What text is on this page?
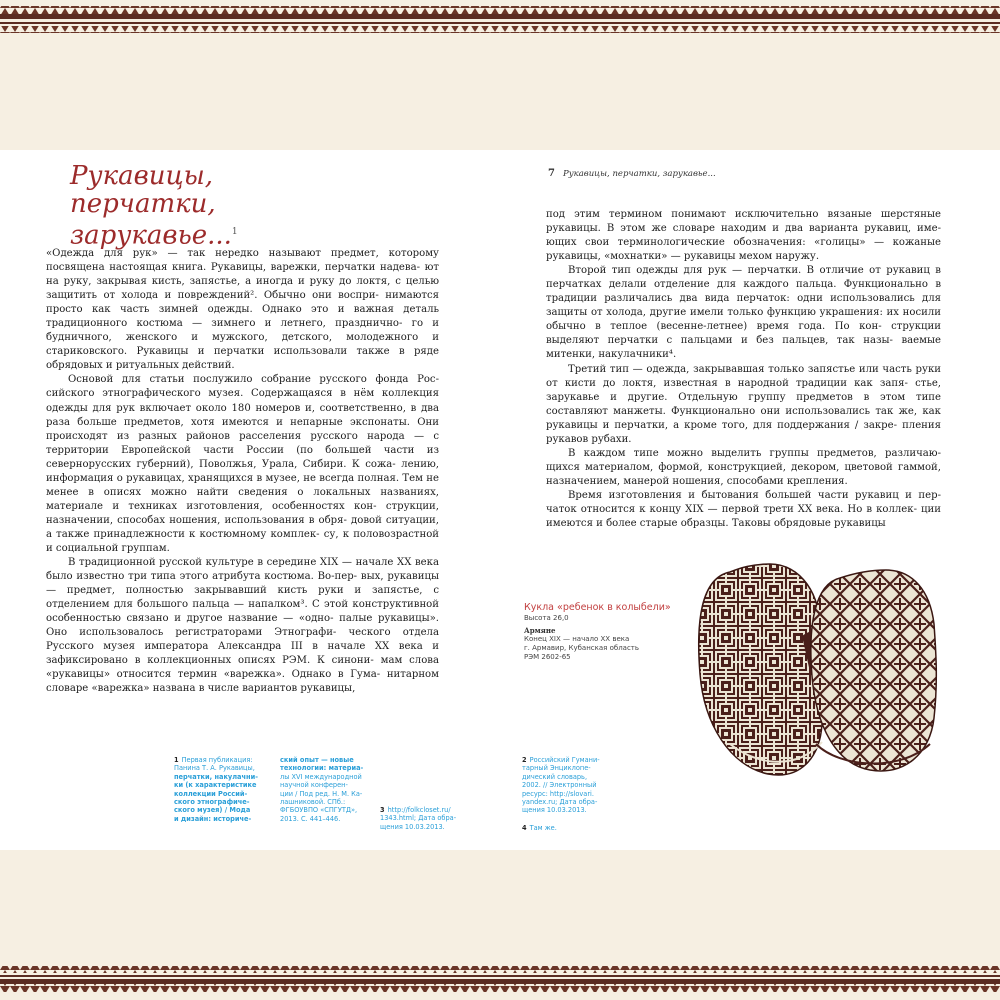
Рукавицы,
перчатки,
зарукавье...$^1$
7 Рукавицы, перчатки, зарукавье...

«Одежда для рук» — так нередко называют предмет, которому посвящена настоящая книга. Рукавицы, варежки, перчатки надева- ют на руку, закрывая кисть, запястье, а иногда и руку до локтя, с целью защитить от холода и повреждений². Обычно они воспри- нимаются просто как часть зимней одежды. Однако это и важная деталь традиционного костюма — зимнего и летнего, празднично- го и будничного, женского и мужского, детского, молодежного и стариковского. Рукавицы и перчатки использовали также в ряде обрядовых и ритуальных действий.

Основой для статьи послужило собрание русского фонда Рос- сийского этнографического музея. Содержащаяся в нём коллекция одежды для рук включает около 180 номеров и, соответственно, в два раза больше предметов, хотя имеются и непарные экспонаты. Они происходят из разных районов расселения русского народа — с территории Европейской части России (по большей части из севернорусских губерний), Поволжья, Урала, Сибири. К сожа- лению, информация о рукавицах, хранящихся в музее, не всегда полная. Тем не менее в описях можно найти сведения о локальных названиях, материале и техниках изготовления, особенностях кон- струкции, назначении, способах ношения, использования в обря- довой ситуации, а также принадлежности к костюмному комплек- су, к половозрастной и социальной группам.

В традиционной русской культуре в середине XIX — начале XX века было известно три типа этого атрибута костюма. Во-пер- вых, рукавицы — предмет, полностью закрывавший кисть руки и запястье, с отделением для большого пальца — напалком³. С этой конструктивной особенностью связано и другое название — «одно- палые рукавицы». Оно использовалось регистраторами Этнографи- ческого отдела Русского музея императора Александра III в начале XX века и зафиксировано в коллекционных описях РЭМ. К синони- мам слова «рукавицы» относится термин «варежка». Однако в Гума- нитарном словаре «варежка» названа в числе вариантов рукавицы,

под этим термином понимают исключительно вязаные шерстяные рукавицы. В этом же словаре находим и два варианта рукавиц, име- ющих свои терминологические обозначения: «голицы» — кожаные рукавицы, «мохнатки» — рукавицы мехом наружу.

Второй тип одежды для рук — перчатки. В отличие от рукавиц в перчатках делали отделение для каждого пальца. Функционально в традиции различались два вида перчаток: одни использовались для защиты от холода, другие имели только функцию украшения: их носили обычно в теплое (весенне-летнее) время года. По кон- струкции выделяют перчатки с пальцами и без пальцев, так назы- ваемые митенки, накулачники⁴.

Третий тип — одежда, закрывавшая только запястье или часть руки от кисти до локтя, известная в народной традиции как запя- стье, зарукавье и другие. Отдельную группу предметов в этом типе составляют манжеты. Функционально они использовались так же, как рукавицы и перчатки, а кроме того, для поддержания / закре- пления рукавов рубахи.

В каждом типе можно выделить группы предметов, различаю- щихся материалом, формой, конструкцией, декором, цветовой гаммой, назначением, манерой ношения, способами крепления.

Время изготовления и бытования большей части рукавиц и пер- чаток относится к концу XIX — первой трети XX века. Но в коллек- ции имеются и более старые образцы. Таковы обрядовые рукавицы

Кукла «ребенок в колыбели»
Высота 26,0
Армяне
Конец XIX — начало XX века
г. Армавир, Кубанская область
РЭМ 2602-65
1 Первая публикация:
Панина Т. А. Рукавицы,
перчатки, накулачни-
ки (к характеристике
коллекции Россий-
ского этнографиче-
ского музея) / Мода
и дизайн: историче-
ский опыт — новые
технологии: материа-
лы XVI международной
научной конферен-
ции / Под ред. Н. М. Ка-
лашниковой. СПб.:
ФГБОУВПО «СПГУТД»,
2013. С. 441–446.
3 http://folkcloset.ru/
1343.html; Дата обра-
щения 10.03.2013.
2 Российский Гумани-
тарный Энциклопе-
дический словарь,
2002. // Электронный
ресурс: http://slovari.
yandex.ru; Дата обра-
щения 10.03.2013.
4 Там же.
